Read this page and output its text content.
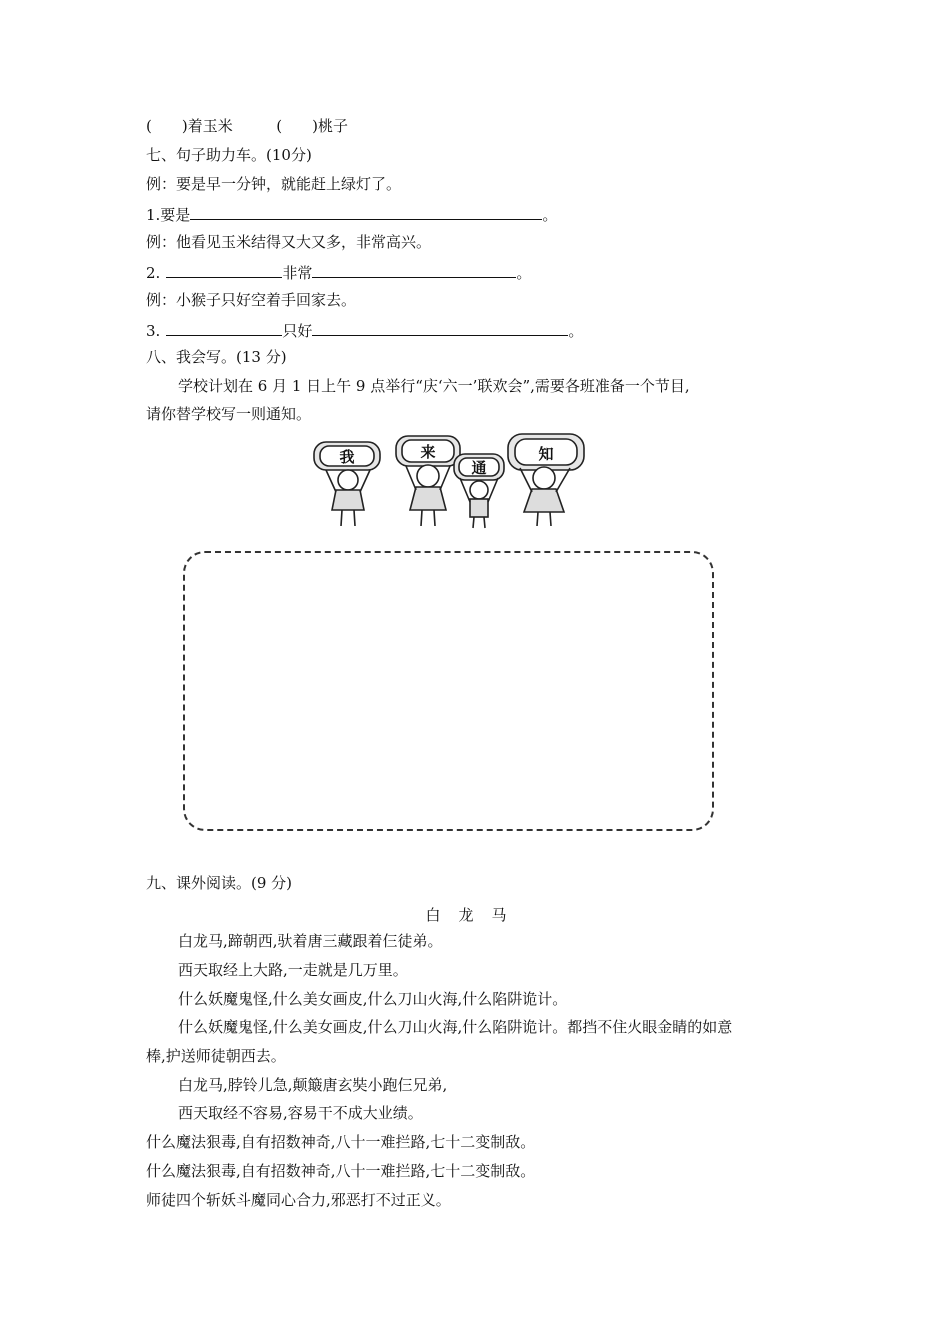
(　　)着玉米	(　　)桃子
七、句子助力车。(10分)
例：要是早一分钟，就能赶上绿灯了。
1.要是	。
例：他看见玉米结得又大又多，非常高兴。
2.	非常	。
例：小猴子只好空着手回家去。
3.	只好	。
八、我会写。(13 分)
学校计划在 6 月 1 日上午 9 点举行“庆‘六一’联欢会”,需要各班准备一个节目,
请你替学校写一则通知。
我	来
通
知
九、课外阅读。(9 分)
白龙马
白龙马,蹄朝西,驮着唐三藏跟着仨徒弟。
西天取经上大路,一走就是几万里。
什么妖魔鬼怪,什么美女画皮,什么刀山火海,什么陷阱诡计。
什么妖魔鬼怪,什么美女画皮,什么刀山火海,什么陷阱诡计。都挡不住火眼金睛的如意
棒,护送师徒朝西去。
白龙马,脖铃儿急,颠簸唐玄奘小跑仨兄弟,
西天取经不容易,容易干不成大业绩。
什么魔法狠毒,自有招数神奇,八十一难拦路,七十二变制敌。
什么魔法狠毒,自有招数神奇,八十一难拦路,七十二变制敌。
师徒四个斩妖斗魔同心合力,邪恶打不过正义。
